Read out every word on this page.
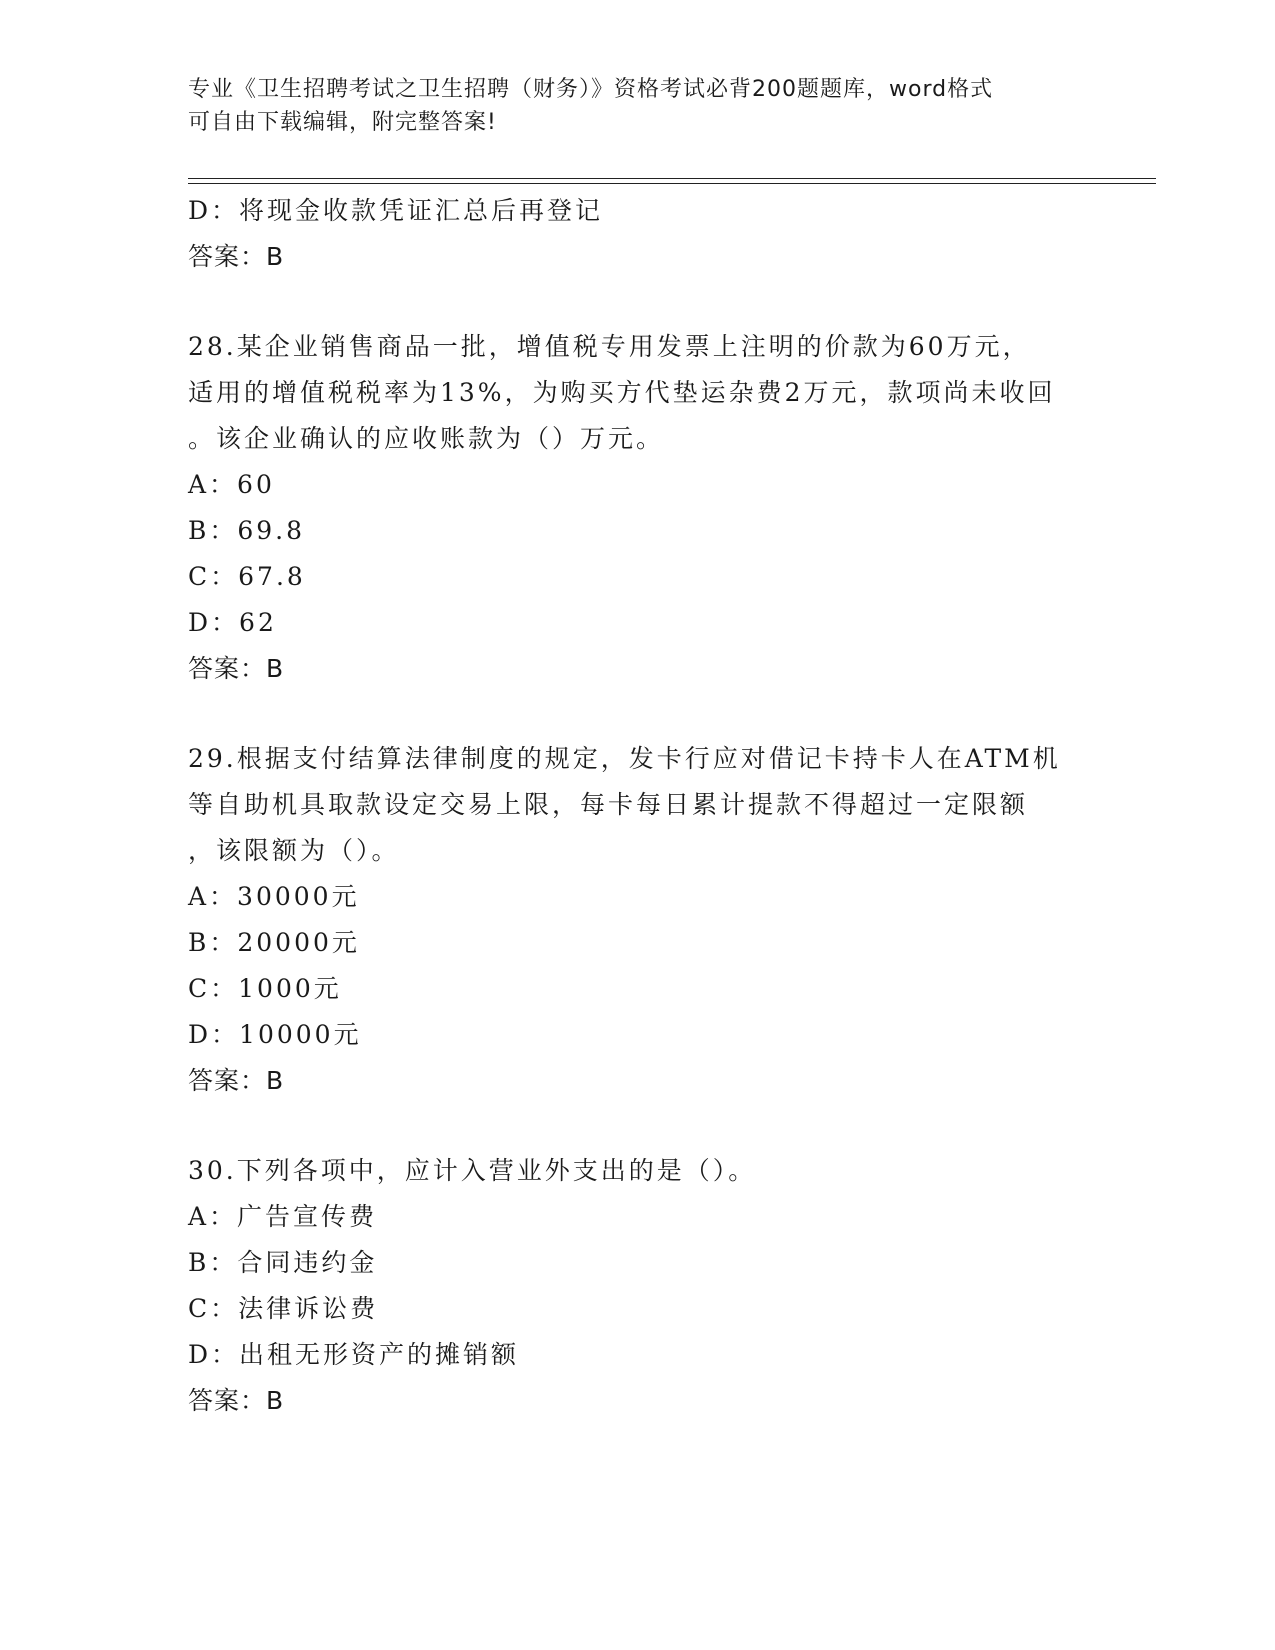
专业《卫生招聘考试之卫生招聘（财务）》资格考试必背200题题库，word格式
可自由下载编辑，附完整答案!
D：将现金收款凭证汇总后再登记
答案：B
28.某企业销售商品一批，增值税专用发票上注明的价款为60万元，
适用的增值税税率为13%，为购买方代垫运杂费2万元，款项尚未收回
。该企业确认的应收账款为（）万元。
A：60
B：69.8
C：67.8
D：62
答案：B
29.根据支付结算法律制度的规定，发卡行应对借记卡持卡人在ATM机
等自助机具取款设定交易上限，每卡每日累计提款不得超过一定限额
，该限额为（）。
A：30000元
B：20000元
C：1000元
D：10000元
答案：B
30.下列各项中，应计入营业外支出的是（）。
A：广告宣传费
B：合同违约金
C：法律诉讼费
D：出租无形资产的摊销额
答案：B
